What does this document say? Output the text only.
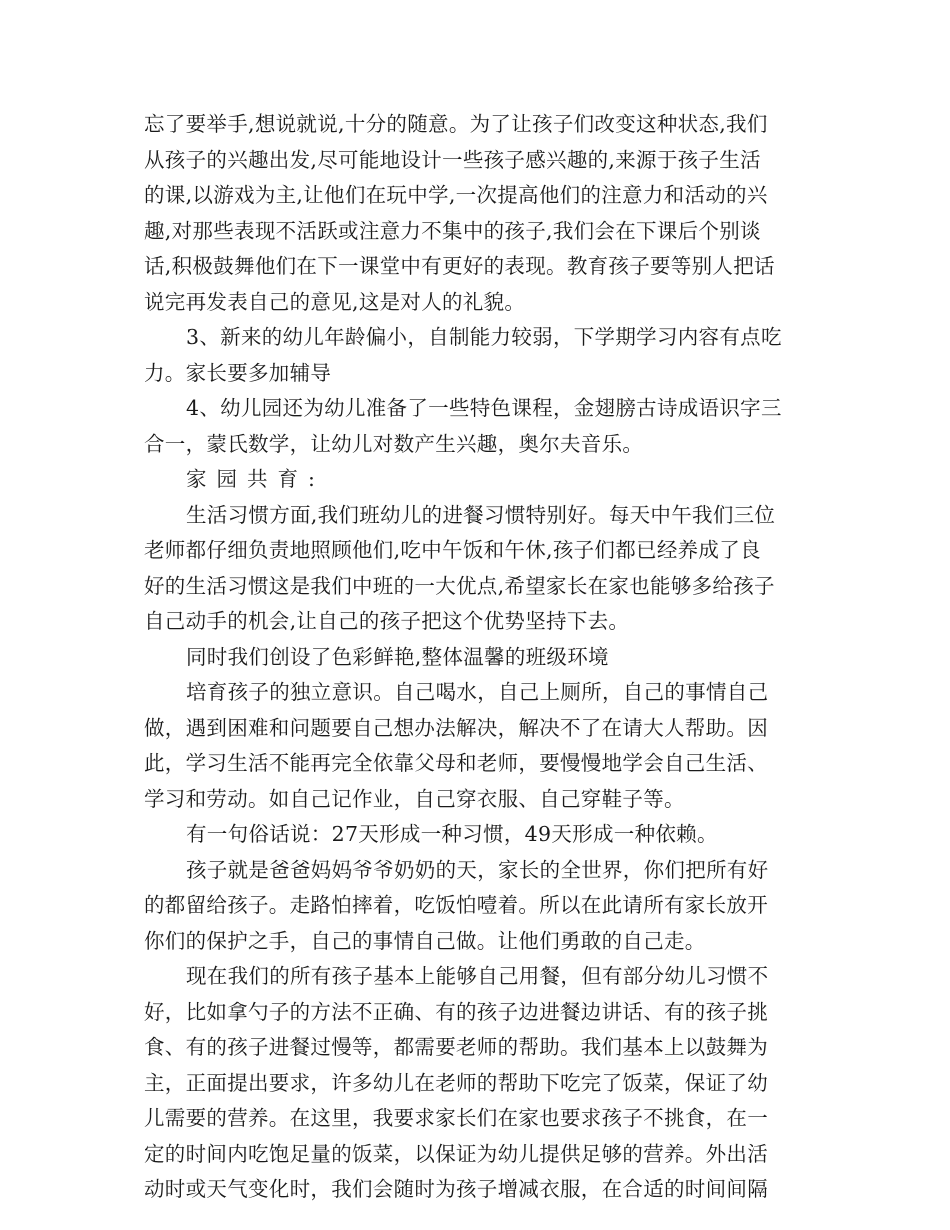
忘了要举手,想说就说,十分的随意。为了让孩子们改变这种状态,我们
从孩子的兴趣出发,尽可能地设计一些孩子感兴趣的,来源于孩子生活
的课,以游戏为主,让他们在玩中学,一次提高他们的注意力和活动的兴
趣,对那些表现不活跃或注意力不集中的孩子,我们会在下课后个别谈
话,积极鼓舞他们在下一课堂中有更好的表现。教育孩子要等别人把话
说完再发表自己的意见,这是对人的礼貌。
3、新来的幼儿年龄偏小，自制能力较弱，下学期学习内容有点吃
力。家长要多加辅导
4、幼儿园还为幼儿准备了一些特色课程，金翅膀古诗成语识字三
合一，蒙氏数学，让幼儿对数产生兴趣，奥尔夫音乐。
家园共育:
生活习惯方面,我们班幼儿的进餐习惯特别好。每天中午我们三位
老师都仔细负责地照顾他们,吃中午饭和午休,孩子们都已经养成了良
好的生活习惯这是我们中班的一大优点,希望家长在家也能够多给孩子
自己动手的机会,让自己的孩子把这个优势坚持下去。
同时我们创设了色彩鲜艳,整体温馨的班级环境
培育孩子的独立意识。自己喝水，自己上厕所，自己的事情自己
做，遇到困难和问题要自己想办法解决，解决不了在请大人帮助。因
此，学习生活不能再完全依靠父母和老师，要慢慢地学会自己生活、
学习和劳动。如自己记作业，自己穿衣服、自己穿鞋子等。
有一句俗话说：27天形成一种习惯，49天形成一种依赖。
孩子就是爸爸妈妈爷爷奶奶的天，家长的全世界，你们把所有好
的都留给孩子。走路怕摔着，吃饭怕噎着。所以在此请所有家长放开
你们的保护之手，自己的事情自己做。让他们勇敢的自己走。
现在我们的所有孩子基本上能够自己用餐，但有部分幼儿习惯不
好，比如拿勺子的方法不正确、有的孩子边进餐边讲话、有的孩子挑
食、有的孩子进餐过慢等，都需要老师的帮助。我们基本上以鼓舞为
主，正面提出要求，许多幼儿在老师的帮助下吃完了饭菜，保证了幼
儿需要的营养。在这里，我要求家长们在家也要求孩子不挑食，在一
定的时间内吃饱足量的饭菜，以保证为幼儿提供足够的营养。外出活
动时或天气变化时，我们会随时为孩子增减衣服，在合适的时间间隔
